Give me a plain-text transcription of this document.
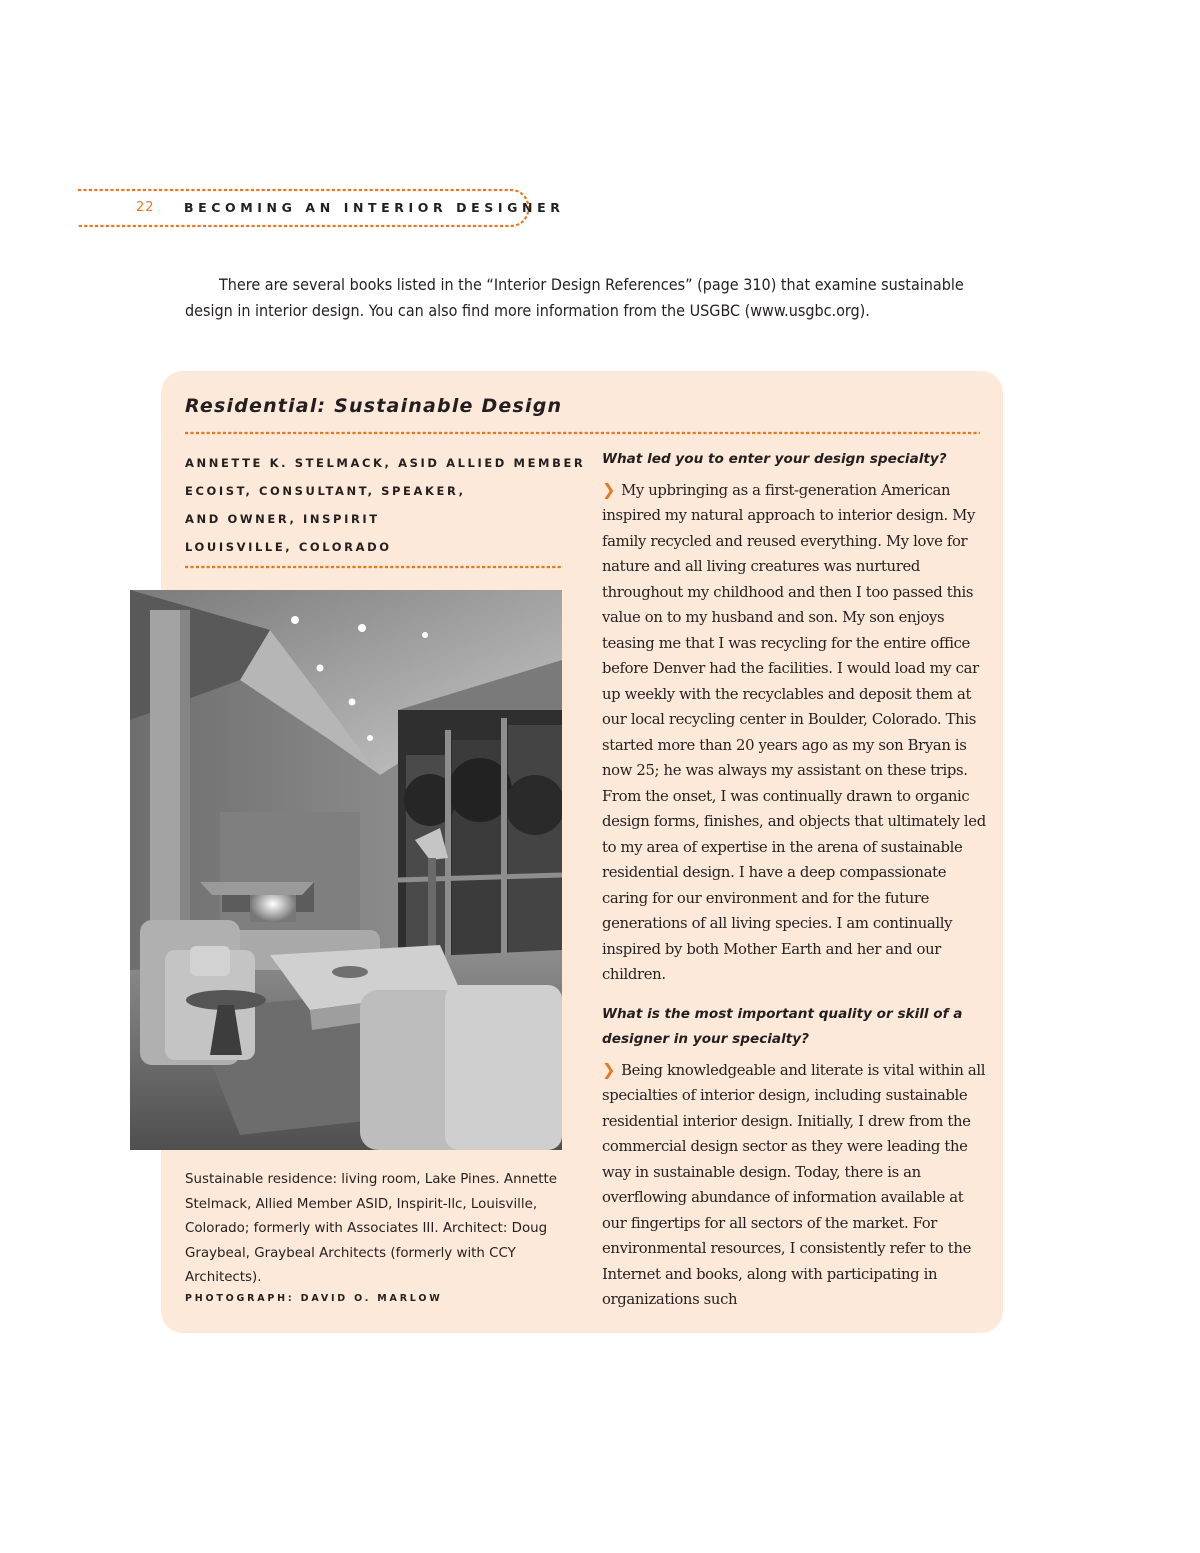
22 BECOMING AN INTERIOR DESIGNER

There are several books listed in the “Interior Design References” (page 310) that examine sustainable design in interior design. You can also find more information from the USGBC (www.usgbc.org).

Residential: Sustainable Design
ANNETTE K. STELMACK, ASID ALLIED MEMBER
ECOIST, CONSULTANT, SPEAKER,
AND OWNER, INSPIRIT
LOUISVILLE, COLORADO

Sustainable residence: living room, Lake Pines. Annette Stelmack, Allied Member ASID, Inspirit-llc, Louisville, Colorado; formerly with Associates III. Architect: Doug Graybeal, Graybeal Architects (formerly with CCY Architects).

PHOTOGRAPH: DAVID O. MARLOW

What led you to enter your design specialty?

❯ My upbringing as a first-generation American inspired my natural approach to interior design. My family recycled and reused everything. My love for nature and all living creatures was nurtured throughout my childhood and then I too passed this value on to my husband and son. My son enjoys teasing me that I was recycling for the entire office before Denver had the facilities. I would load my car up weekly with the recyclables and deposit them at our local recycling center in Boulder, Colorado. This started more than 20 years ago as my son Bryan is now 25; he was always my assistant on these trips. From the onset, I was continually drawn to organic design forms, finishes, and objects that ultimately led to my area of expertise in the arena of sustainable residential design. I have a deep compassionate caring for our environment and for the future generations of all living species. I am continually inspired by both Mother Earth and her and our children.

What is the most important quality or skill of a designer in your specialty?

❯ Being knowledgeable and literate is vital within all specialties of interior design, including sustainable residential interior design. Initially, I drew from the commercial design sector as they were leading the way in sustainable design. Today, there is an overflowing abundance of information available at our fingertips for all sectors of the market. For environmental resources, I consistently refer to the Internet and books, along with participating in organizations such
